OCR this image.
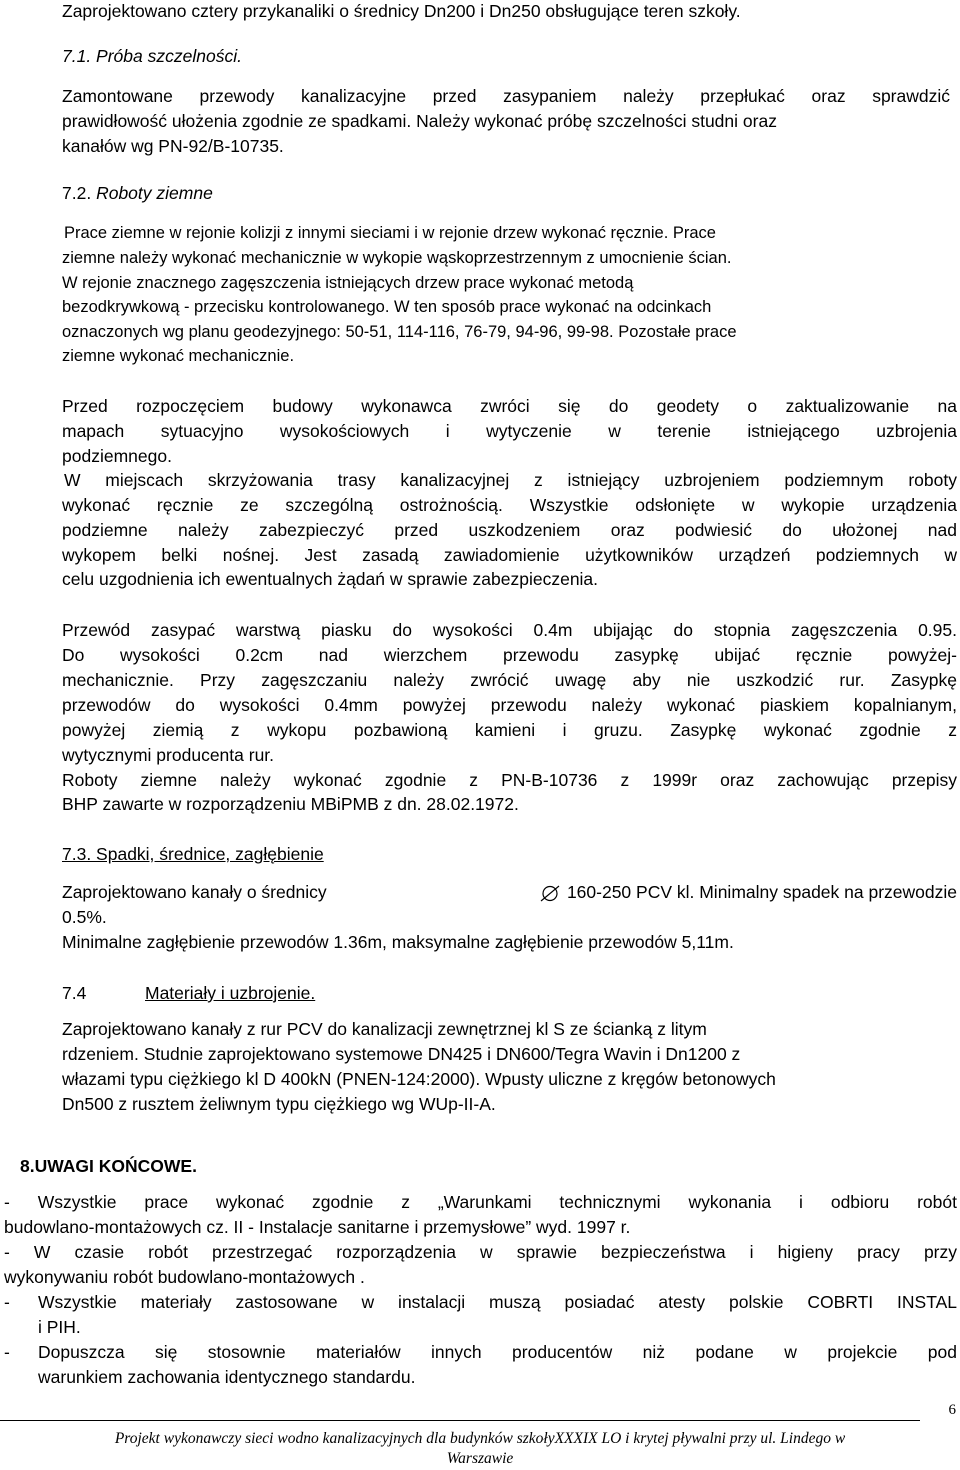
Zaprojektowano cztery przykanaliki o średnicy Dn200 i Dn250 obsługujące teren szkoły.
7.1. Próba szczelności.
Zamontowane przewody kanalizacyjne przed zasypaniem należy przepłukać oraz sprawdzić
prawidłowość ułożenia zgodnie ze spadkami. Należy wykonać próbę szczelności studni oraz
kanałów wg PN-92/B-10735.
7.2. Roboty ziemne
Prace ziemne w rejonie kolizji z innymi sieciami i w rejonie drzew wykonać ręcznie. Prace
ziemne należy wykonać mechanicznie w wykopie wąskoprzestrzennym z umocnienie ścian.
W rejonie znacznego zagęszczenia istniejących drzew prace wykonać metodą
bezodkrywkową - przecisku kontrolowanego. W ten sposób prace wykonać na odcinkach
oznaczonych wg planu geodezyjnego: 50-51, 114-116, 76-79, 94-96, 99-98. Pozostałe prace
ziemne wykonać mechanicznie.
Przed rozpoczęciem budowy wykonawca zwróci się do geodety o zaktualizowanie na
mapach sytuacyjno wysokościowych i wytyczenie w terenie istniejącego uzbrojenia
podziemnego.
W miejscach skrzyżowania trasy kanalizacyjnej z istniejący uzbrojeniem podziemnym roboty
wykonać ręcznie ze szczególną ostrożnością. Wszystkie odsłonięte w wykopie urządzenia
podziemne należy zabezpieczyć przed uszkodzeniem oraz podwiesić do ułożonej nad
wykopem belki nośnej. Jest zasadą zawiadomienie użytkowników urządzeń podziemnych w
celu uzgodnienia ich ewentualnych żądań w sprawie zabezpieczenia.
Przewód zasypać warstwą piasku do wysokości 0.4m ubijając do stopnia zagęszczenia 0.95.
Do wysokości 0.2cm nad wierzchem przewodu zasypkę ubijać ręcznie powyżej-
mechanicznie. Przy zagęszczaniu należy zwrócić uwagę aby nie uszkodzić rur. Zasypkę
przewodów do wysokości 0.4mm powyżej przewodu należy wykonać piaskiem kopalnianym,
powyżej ziemią z wykopu pozbawioną kamieni i gruzu. Zasypkę wykonać zgodnie z
wytycznymi producenta rur.
Roboty ziemne należy wykonać zgodnie z PN-B-10736 z 1999r oraz zachowując przepisy
BHP zawarte w rozporządzeniu MBiPMB z dn. 28.02.1972.
7.3. Spadki, średnice, zagłębienie
Zaprojektowano kanały o średnicy	160-250 PCV kl. Minimalny spadek na przewodzie
0.5%.
Minimalne zagłębienie przewodów 1.36m, maksymalne zagłębienie przewodów 5,11m.
7.4	Materiały i uzbrojenie.
Zaprojektowano kanały z rur PCV do kanalizacji zewnętrznej kl S ze ścianką z litym
rdzeniem. Studnie zaprojektowano systemowe DN425 i DN600/Tegra Wavin i Dn1200 z
włazami typu ciężkiego kl D 400kN (PNEN-124:2000). Wpusty uliczne z kręgów betonowych
Dn500 z rusztem żeliwnym typu ciężkiego wg WUp-II-A.
8.UWAGI KOŃCOWE.
- Wszystkie prace wykonać zgodnie z „Warunkami technicznymi wykonania i odbioru robót
budowlano-montażowych cz. II - Instalacje sanitarne i przemysłowe” wyd. 1997 r.
- W czasie robót przestrzegać rozporządzenia w sprawie bezpieczeństwa i higieny pracy przy
wykonywaniu robót budowlano-montażowych .
- Wszystkie materiały zastosowane w instalacji muszą posiadać atesty polskie COBRTI INSTAL
i PIH.
- Dopuszcza się stosownie materiałów innych producentów niż podane w projekcie pod
warunkiem zachowania identycznego standardu.
6
Projekt wykonawczy sieci wodno kanalizacyjnych dla budynków szkołyXXXIX LO i krytej pływalni przy ul. Lindego w
Warszawie
